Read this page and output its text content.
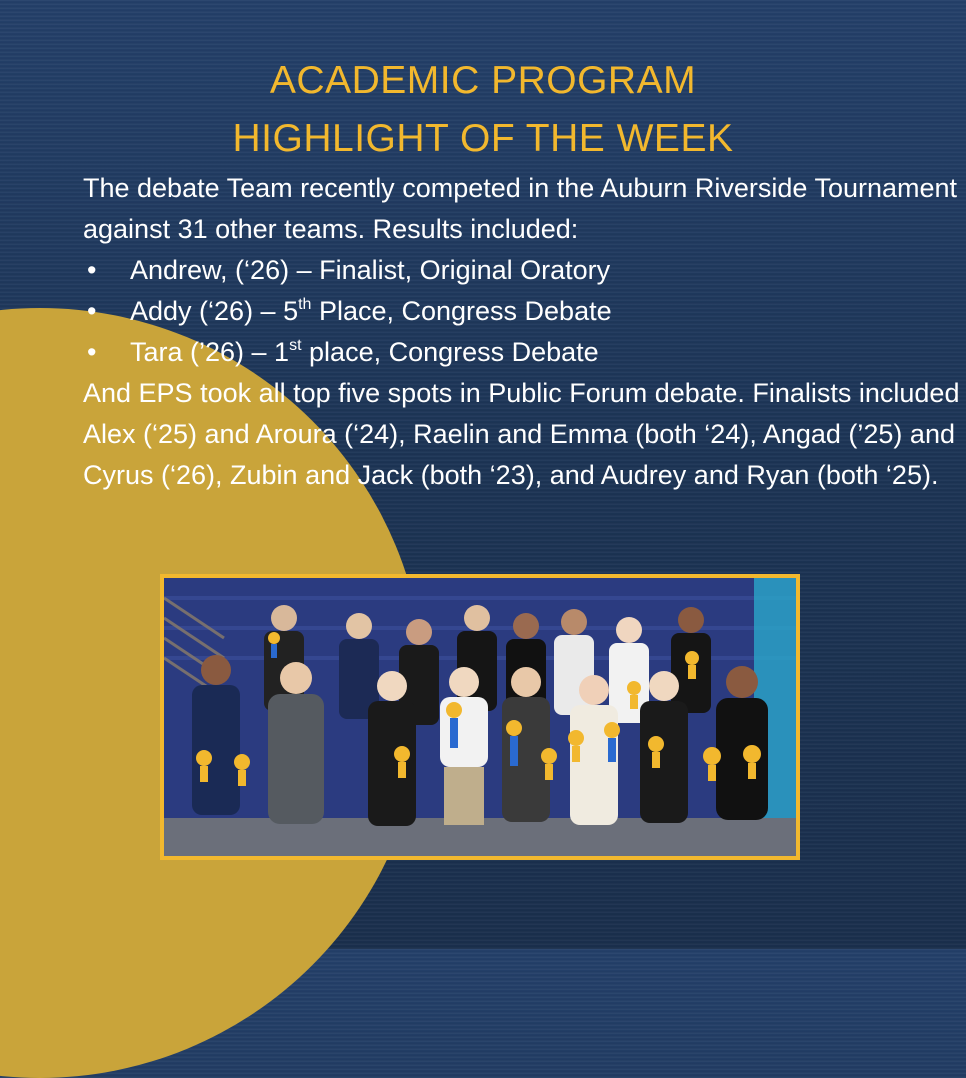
ACADEMIC PROGRAM
HIGHLIGHT OF THE WEEK

The debate Team recently competed in the Auburn Riverside Tournament against 31 other teams. Results included:

• Andrew, (‘26) – Finalist, Original Oratory
• Addy (‘26) – 5th Place, Congress Debate
• Tara (’26) – 1st place, Congress Debate

And EPS took all top five spots in Public Forum debate. Finalists included Alex (‘25) and Aroura (‘24), Raelin and Emma (both ‘24), Angad (’25) and Cyrus (‘26), Zubin and Jack (both ‘23), and Audrey and Ryan (both ‘25).
